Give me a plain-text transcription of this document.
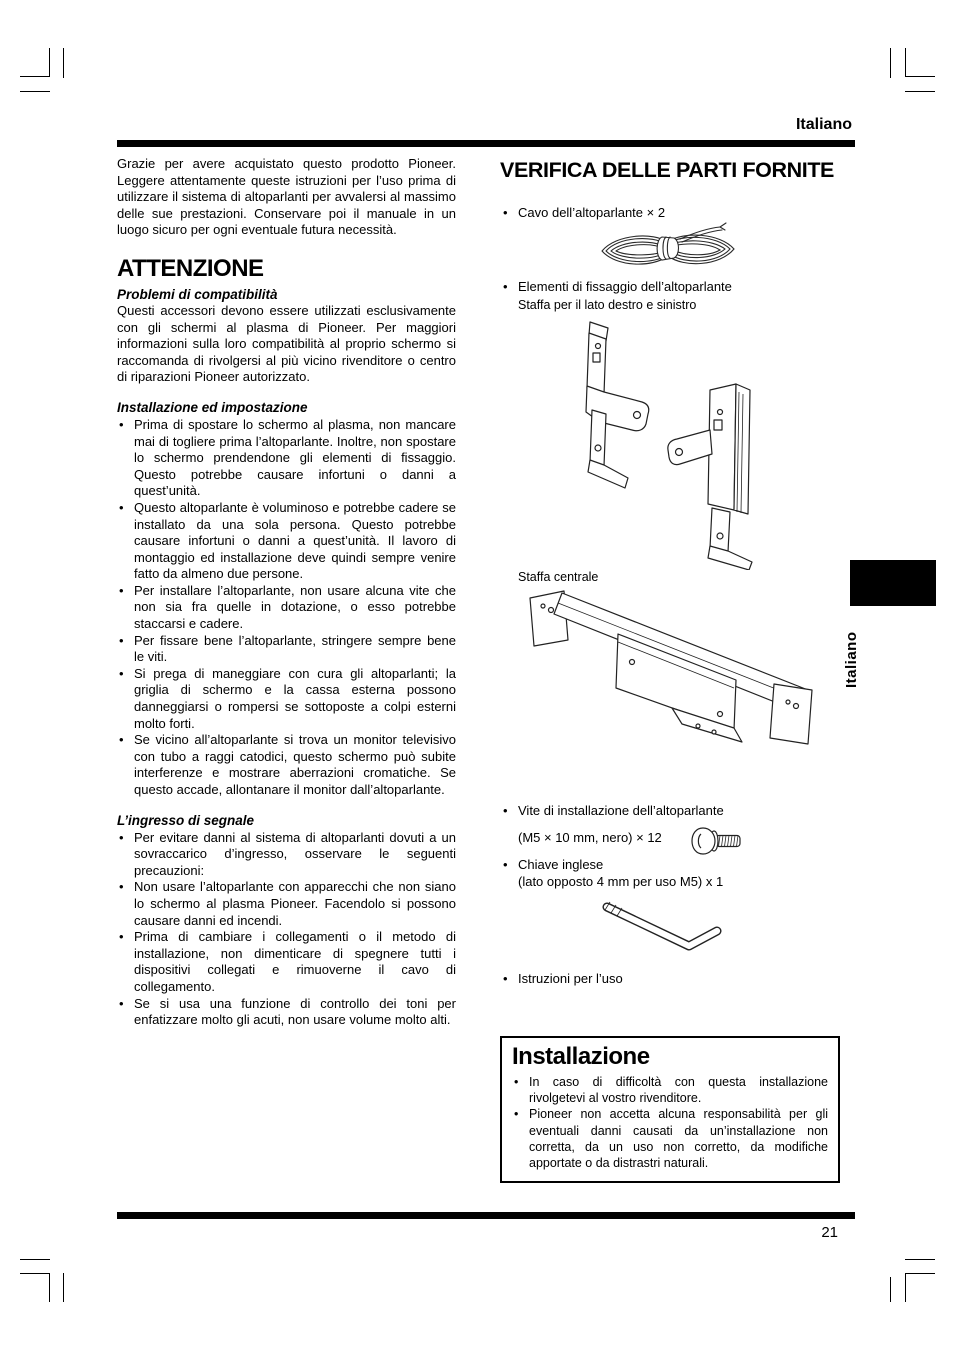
Italiano

Grazie per avere acquistato questo prodotto Pioneer. Leggere attentamente queste istruzioni per l’uso prima di utilizzare il sistema di altoparlanti per avvalersi al massimo delle sue prestazioni. Conservare poi il manuale in un luogo sicuro per ogni eventuale futura necessità.

ATTENZIONE
Problemi di compatibilità

Questi accessori devono essere utilizzati esclusivamente con gli schermi al plasma di Pioneer. Per maggiori informazioni sulla loro compatibilità al proprio schermo si raccomanda di rivolgersi al più vicino rivenditore o centro di riparazioni Pioneer autorizzato.

Installazione ed impostazione
• Prima di spostare lo schermo al plasma, non mancare mai di togliere prima l’altoparlante. Inoltre, non spostare lo schermo prendendone gli elementi di fissaggio. Questo potrebbe causare infortuni o danni a quest’unità.
• Questo altoparlante è voluminoso e potrebbe cadere se installato da una sola persona. Questo potrebbe causare infortuni o danni a quest’unità. Il lavoro di montaggio ed installazione deve quindi sempre venire fatto da almeno due persone.
• Per installare l’altoparlante, non usare alcuna vite che non sia fra quelle in dotazione, o esso potrebbe staccarsi e cadere.
• Per fissare bene l’altoparlante, stringere sempre bene le viti.
• Si prega di maneggiare con cura gli altoparlanti; la griglia di schermo e la cassa esterna possono danneggiarsi o rompersi se sottoposte a colpi esterni molto forti.
• Se vicino all’altoparlante si trova un monitor televisivo con tubo a raggi catodici, questo schermo può subite interferenze e mostrare aberrazioni cromatiche. Se questo accade, allontanare il monitor dall’altoparlante.
L’ingresso di segnale
• Per evitare danni al sistema di altoparlanti dovuti a un sovraccarico d’ingresso, osservare le seguenti precauzioni:
• Non usare l’altoparlante con apparecchi che non siano lo schermo al plasma Pioneer. Facendolo si possono causare danni ed incendi.
• Prima di cambiare i collegamenti o il metodo di installazione, non dimenticare di spegnere tutti i dispositivi collegati e rimuoverne il cavo di collegamento.
• Se si usa una funzione di controllo dei toni per enfatizzare molto gli acuti, non usare volume molto alti.
VERIFICA DELLE PARTI FORNITE
• Cavo dell’altoparlante × 2
• Elementi di fissaggio dell’altoparlante
Staffa per il lato destro e sinistro
Staffa centrale
• Vite di installazione dell’altoparlante
(M5 × 10 mm, nero) × 12
• Chiave inglese
(lato opposto 4 mm per uso M5) x 1
• Istruzioni per l’uso
Installazione
• In caso di difficoltà con questa installazione rivolgetevi al vostro rivenditore.
• Pioneer non accetta alcuna responsabilità per gli eventuali danni causati da un’installazione non corretta, da un uso non corretto, da modifiche apportate o da distrastri naturali.
Italiano
21
